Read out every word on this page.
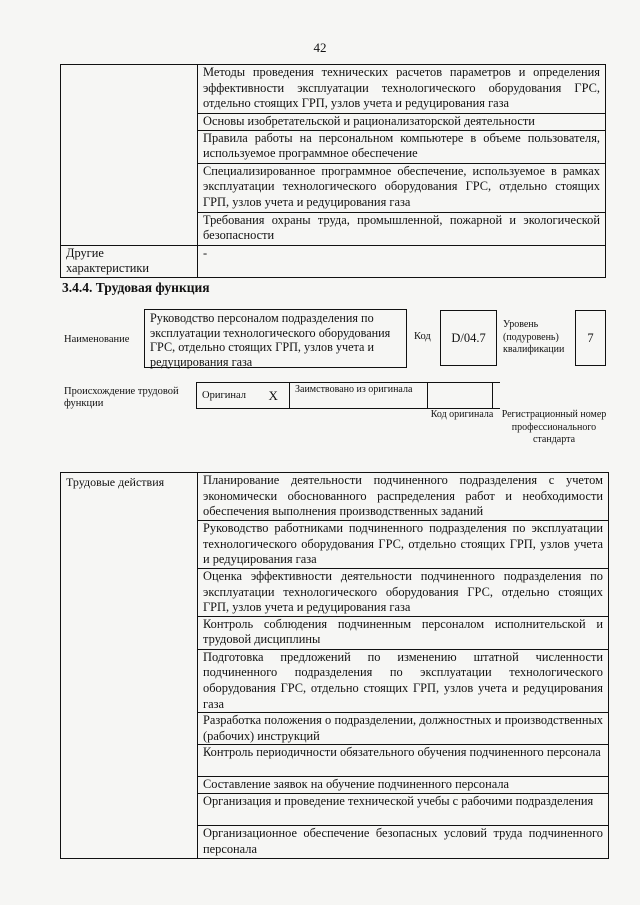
42
	Методы проведения технических расчетов параметров и определения эффективности эксплуатации технологического оборудования ГРС, отдельно стоящих ГРП, узлов учета и редуцирования газа
	Основы изобретательской и рационализаторской деятельности
	Правила работы на персональном компьютере в объеме пользователя, используемое программное обеспечение
	Специализированное программное обеспечение, используемое в рамках эксплуатации технологического оборудования ГРС, отдельно стоящих ГРП, узлов учета и редуцирования газа
	Требования охраны труда, промышленной, пожарной и экологической безопасности

Другие
характеристики	-
3.4.4. Трудовая функция
Наименование
Руководство персоналом подразделения по эксплуатации технологического оборудования ГРС, отдельно стоящих ГРП, узлов учета и редуцирования газа
Код	D/04.7
Уровень (подуровень) квалификации
7
Происхождение трудовой функции
Оригинал	X	Заимствовано из оригинала		
Код оригинала Регистрационный номер профессионального стандарта
Трудовые действия	Планирование деятельности подчиненного подразделения с учетом экономически обоснованного распределения работ и необходимости обеспечения выполнения производственных заданий
Руководство работниками подчиненного подразделения по эксплуатации технологического оборудования ГРС, отдельно стоящих ГРП, узлов учета и редуцирования газа
Оценка эффективности деятельности подчиненного подразделения по эксплуатации технологического оборудования ГРС, отдельно стоящих ГРП, узлов учета и редуцирования газа
Контроль соблюдения подчиненным персоналом исполнительской и трудовой дисциплины
Подготовка предложений по изменению штатной численности подчиненного подразделения по эксплуатации технологического оборудования ГРС, отдельно стоящих ГРП, узлов учета и редуцирования газа
Разработка положения о подразделении, должностных и производственных (рабочих) инструкций
Контроль периодичности обязательного обучения подчиненного персонала
Составление заявок на обучение подчиненного персонала
Организация и проведение технической учебы с рабочими подразделения
Организационное обеспечение безопасных условий труда подчиненного персонала
